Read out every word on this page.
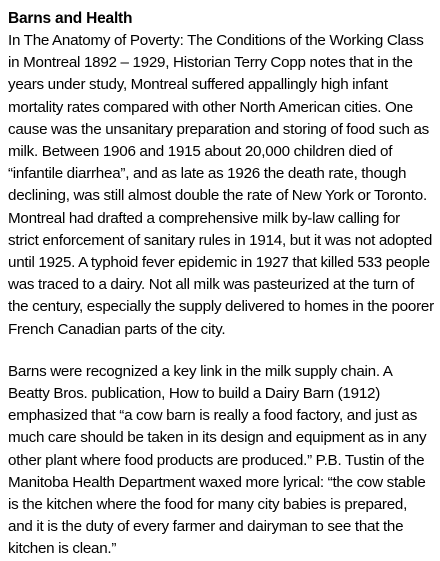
Barns and Health

In The Anatomy of Poverty: The Conditions of the Working Class in Montreal 1892 – 1929, Historian Terry Copp notes that in the years under study, Montreal suffered appallingly high infant mortality rates compared with other North American cities. One cause was the unsanitary preparation and storing of food such as milk. Between 1906 and 1915 about 20,000 children died of “infantile diarrhea”, and as late as 1926 the death rate, though declining, was still almost double the rate of New York or Toronto. Montreal had drafted a comprehensive milk by-law calling for strict enforcement of sanitary rules in 1914, but it was not adopted until 1925. A typhoid fever epidemic in 1927 that killed 533 people was traced to a dairy. Not all milk was pasteurized at the turn of the century, especially the supply delivered to homes in the poorer French Canadian parts of the city.

Barns were recognized a key link in the milk supply chain. A Beatty Bros. publication, How to build a Dairy Barn (1912) emphasized that “a cow barn is really a food factory, and just as much care should be taken in its design and equipment as in any other plant where food products are produced.” P.B. Tustin of the Manitoba Health Department waxed more lyrical: “the cow stable is the kitchen where the food for many city babies is prepared, and it is the duty of every farmer and dairyman to see that the kitchen is clean.”
